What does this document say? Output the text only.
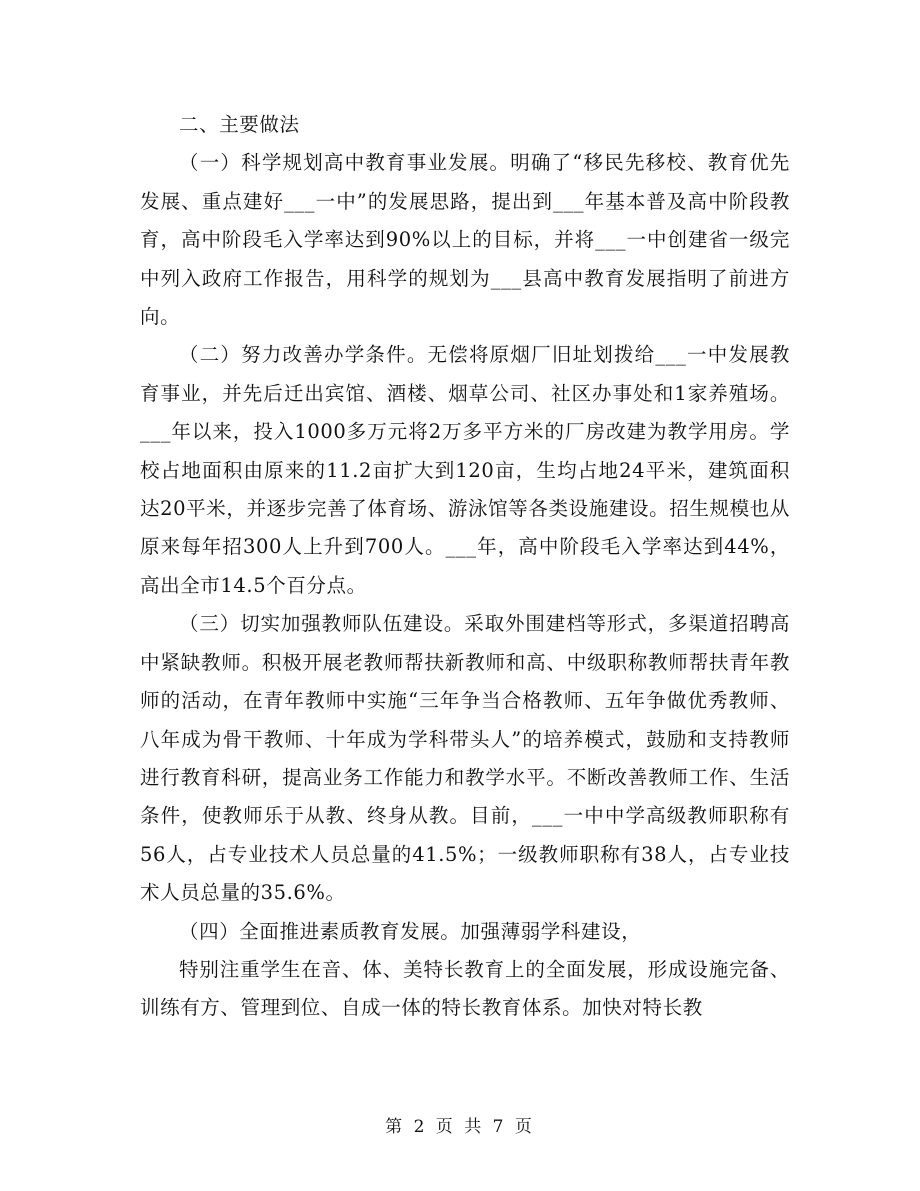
二、主要做法

（一）科学规划高中教育事业发展。明确了“移民先移校、教育优先发展、重点建好___一中”的发展思路，提出到___年基本普及高中阶段教育，高中阶段毛入学率达到90%以上的目标，并将___一中创建省一级完中列入政府工作报告，用科学的规划为___县高中教育发展指明了前进方向。

（二）努力改善办学条件。无偿将原烟厂旧址划拨给___一中发展教育事业，并先后迁出宾馆、酒楼、烟草公司、社区办事处和1家养殖场。___年以来，投入1000多万元将2万多平方米的厂房改建为教学用房。学校占地面积由原来的11.2亩扩大到120亩，生均占地24平米，建筑面积达20平米，并逐步完善了体育场、游泳馆等各类设施建设。招生规模也从原来每年招300人上升到700人。___年，高中阶段毛入学率达到44%，高出全市14.5个百分点。

（三）切实加强教师队伍建设。采取外围建档等形式，多渠道招聘高中紧缺教师。积极开展老教师帮扶新教师和高、中级职称教师帮扶青年教师的活动，在青年教师中实施“三年争当合格教师、五年争做优秀教师、八年成为骨干教师、十年成为学科带头人”的培养模式，鼓励和支持教师进行教育科研，提高业务工作能力和教学水平。不断改善教师工作、生活条件，使教师乐于从教、终身从教。目前，___一中中学高级教师职称有56人，占专业技术人员总量的41.5%；一级教师职称有38人，占专业技术人员总量的35.6%。

（四）全面推进素质教育发展。加强薄弱学科建设，

特别注重学生在音、体、美特长教育上的全面发展，形成设施完备、训练有方、管理到位、自成一体的特长教育体系。加快对特长教

第 2 页 共 7 页
